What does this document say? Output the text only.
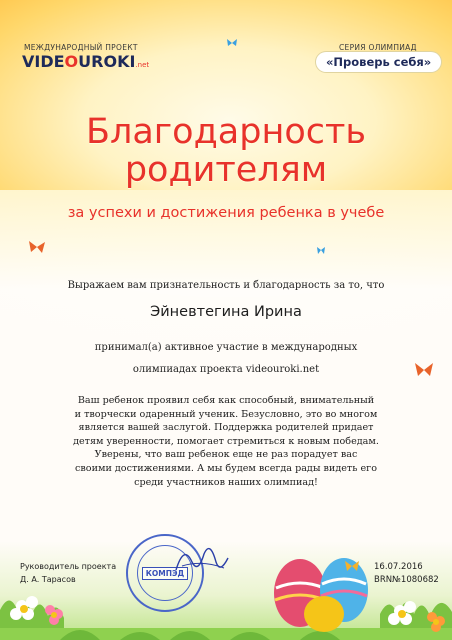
МЕЖДУНАРОДНЫЙ ПРОЕКТ
VIDEOUROKI.net
СЕРИЯ ОЛИМПИАД
«Проверь себя»
Благодарность
родителям
за успехи и достижения ребенка в учебе
Выражаем вам признательность и благодарность за то, что
Эйневтегина Ирина
принимал(а) активное участие в международных
олимпиадах проекта videouroki.net
Ваш ребенок проявил себя как способный, внимательный
и творчески одаренный ученик. Безусловно, это во многом
является вашей заслугой. Поддержка родителей придает
детям уверенности, помогает стремиться к новым победам.
Уверены, что ваш ребенок еще не раз порадует вас
своими достижениями. А мы будем всегда рады видеть его
среди участников наших олимпиад!
Руководитель проекта
Д. А. Тарасов
КОМПЭД
16.07.2016
BRN№1080682
